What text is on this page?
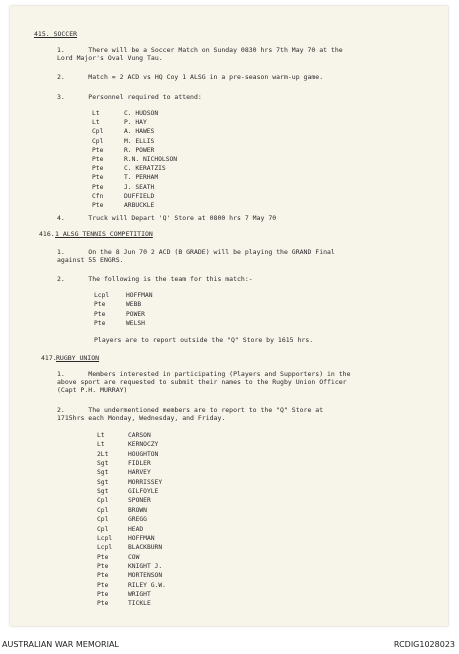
415. SOCCER
1.      There will be a Soccer Match on Sunday 0830 hrs 7th May 70 at the
Lord Major's Oval Vung Tau.
2.      Match = 2 ACD vs HQ Coy 1 ALSG in a pre-season warm-up game.
3.      Personnel required to attend:
4.      Truck will Depart 'Q' Store at 0800 hrs 7 May 70
416. 1 ALSG TENNIS COMPETITION
1.      On the 8 Jun 70 2 ACD (B GRADE) will be playing the GRAND Final
against 55 ENGRS.
2.      The following is the team for this match:-
Players are to report outside the "Q" Store by 1615 hrs.
417. RUGBY UNION
1.      Members interested in participating (Players and Supporters) in the
above sport are requested to submit their names to the Rugby Union Officer
(Capt P.H. MURRAY)
2.      The undermentioned members are to report to the "Q" Store at
1715hrs each Monday, Wednesday, and Friday.
Lt	C. HUDSON
Lt	P. HAY
Cpl	A. HAWES
Cpl	M. ELLIS
Pte	R. POWER
Pte	R.N. NICHOLSON
Pte	C. KERATZIS
Pte	T. PERHAM
Pte	J. SEATH
Cfn	DUFFIELD
Pte	ARBUCKLE
Lcpl	HOFFMAN
Pte	WEBB
Pte	POWER
Pte	WELSH
Lt	CARSON
Lt	KERNOCZY
2Lt	HOUGHTON
Sgt	FIDLER
Sgt	HARVEY
Sgt	MORRISSEY
Sgt	GILFOYLE
Cpl	SPONER
Cpl	BROWN
Cpl	GREGG
Cpl	HEAD
Lcpl	HOFFMAN
Lcpl	BLACKBURN
Pte	COW
Pte	KNIGHT J.
Pte	MORTENSON
Pte	RILEY G.W.
Pte	WRIGHT
Pte	TICKLE
AUSTRALIAN WAR MEMORIAL	RCDIG1028023
